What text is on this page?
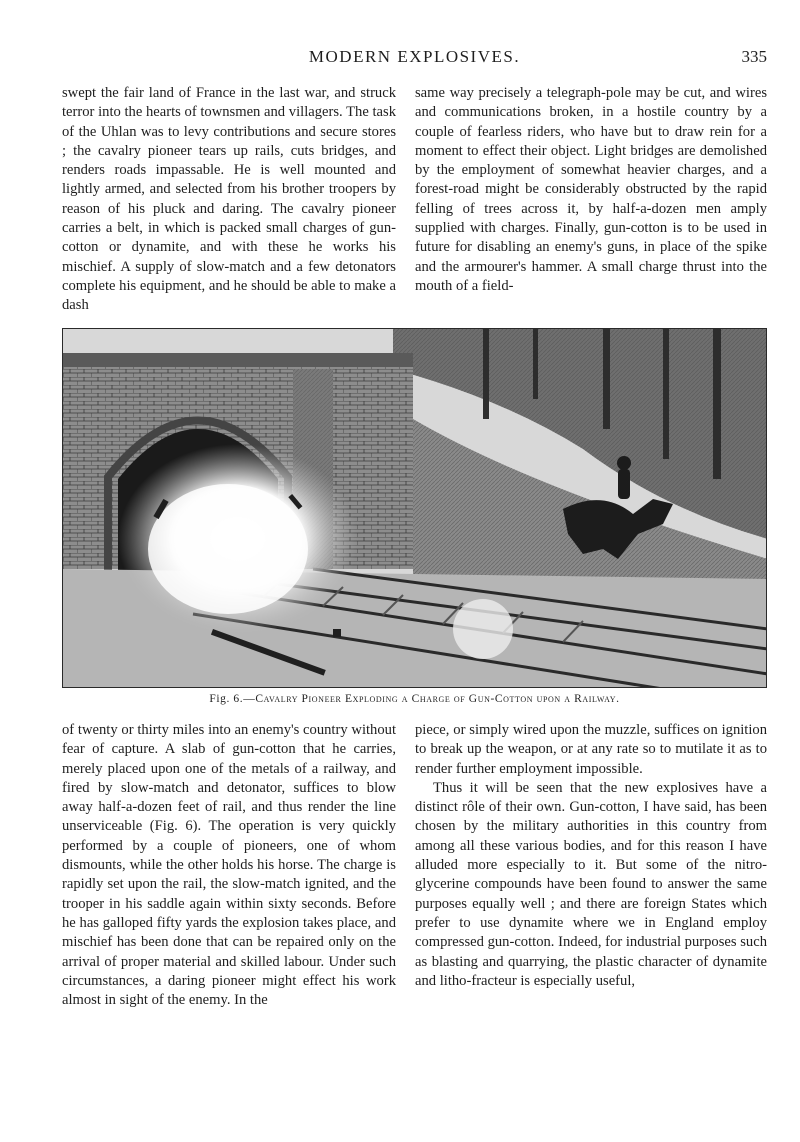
MODERN EXPLOSIVES.	335

swept the fair land of France in the last war, and struck terror into the hearts of townsmen and villagers. The task of the Uhlan was to levy contributions and secure stores ; the cavalry pioneer tears up rails, cuts bridges, and renders roads impassable. He is well mounted and lightly armed, and selected from his brother troopers by reason of his pluck and daring. The cavalry pioneer carries a belt, in which is packed small charges of gun-cotton or dynamite, and with these he works his mischief. A supply of slow-match and a few detonators complete his equipment, and he should be able to make a dash

same way precisely a telegraph-pole may be cut, and wires and communications broken, in a hostile country by a couple of fearless riders, who have but to draw rein for a moment to effect their object. Light bridges are demolished by the employment of somewhat heavier charges, and a forest-road might be considerably obstructed by the rapid felling of trees across it, by half-a-dozen men amply supplied with charges. Finally, gun-cotton is to be used in future for disabling an enemy's guns, in place of the spike and the armourer's hammer. A small charge thrust into the mouth of a field-

Fig. 6.—Cavalry Pioneer Exploding a Charge of Gun-Cotton upon a Railway.

of twenty or thirty miles into an enemy's country without fear of capture. A slab of gun-cotton that he carries, merely placed upon one of the metals of a railway, and fired by slow-match and detonator, suffices to blow away half-a-dozen feet of rail, and thus render the line unserviceable (Fig. 6). The operation is very quickly performed by a couple of pioneers, one of whom dismounts, while the other holds his horse. The charge is rapidly set upon the rail, the slow-match ignited, and the trooper in his saddle again within sixty seconds. Before he has galloped fifty yards the explosion takes place, and mischief has been done that can be repaired only on the arrival of proper material and skilled labour. Under such circumstances, a daring pioneer might effect his work almost in sight of the enemy. In the

piece, or simply wired upon the muzzle, suffices on ignition to break up the weapon, or at any rate so to mutilate it as to render further employment impossible.

Thus it will be seen that the new explosives have a distinct rôle of their own. Gun-cotton, I have said, has been chosen by the military authorities in this country from among all these various bodies, and for this reason I have alluded more especially to it. But some of the nitro-glycerine compounds have been found to answer the same purposes equally well ; and there are foreign States which prefer to use dynamite where we in England employ compressed gun-cotton. Indeed, for industrial purposes such as blasting and quarrying, the plastic character of dynamite and litho-fracteur is especially useful,
